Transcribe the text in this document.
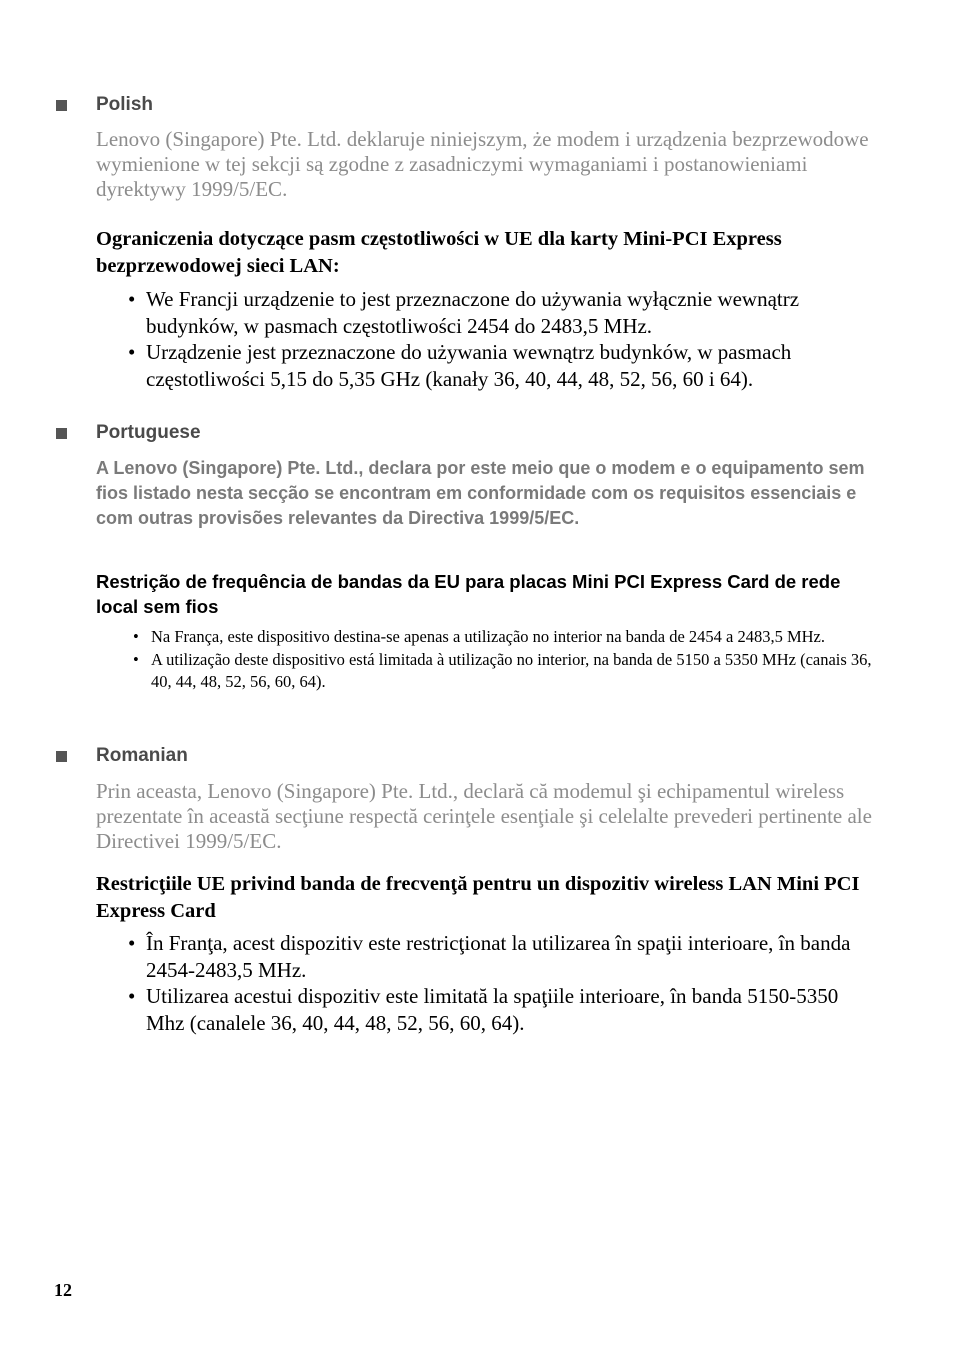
Polish
Lenovo (Singapore) Pte. Ltd. deklaruje niniejszym, że modem i urządzenia bezprzewodowe wymienione w tej sekcji są zgodne z zasadniczymi wymaganiami i postanowieniami dyrektywy 1999/5/EC.
Ograniczenia dotyczące pasm częstotliwości w UE dla karty Mini-PCI Express bezprzewodowej sieci LAN:
• We Francji urządzenie to jest przeznaczone do używania wyłącznie wewnątrz budynków, w pasmach częstotliwości 2454 do 2483,5 MHz.
• Urządzenie jest przeznaczone do używania wewnątrz budynków, w pasmach częstotliwości 5,15 do 5,35 GHz (kanały 36, 40, 44, 48, 52, 56, 60 i 64).
Portuguese
A Lenovo (Singapore) Pte. Ltd., declara por este meio que o modem e o equipamento sem fios listado nesta secção se encontram em conformidade com os requisitos essenciais e com outras provisões relevantes da Directiva 1999/5/EC.
Restrição de frequência de bandas da EU para placas Mini PCI Express Card de rede local sem fios
• Na França, este dispositivo destina-se apenas a utilização no interior na banda de 2454 a 2483,5 MHz.
• A utilização deste dispositivo está limitada à utilização no interior, na banda de 5150 a 5350 MHz (canais 36, 40, 44, 48, 52, 56, 60, 64).
Romanian
Prin aceasta, Lenovo (Singapore) Pte. Ltd., declară că modemul şi echipamentul wireless prezentate în această secţiune respectă cerinţele esenţiale şi celelalte prevederi pertinente ale Directivei 1999/5/EC.
Restricţiile UE privind banda de frecvenţă pentru un dispozitiv wireless LAN Mini PCI Express Card
• În Franţa, acest dispozitiv este restricţionat la utilizarea în spaţii interioare, în banda 2454-2483,5 MHz.
• Utilizarea acestui dispozitiv este limitată la spaţiile interioare, în banda 5150-5350 Mhz (canalele 36, 40, 44, 48, 52, 56, 60, 64).
12
